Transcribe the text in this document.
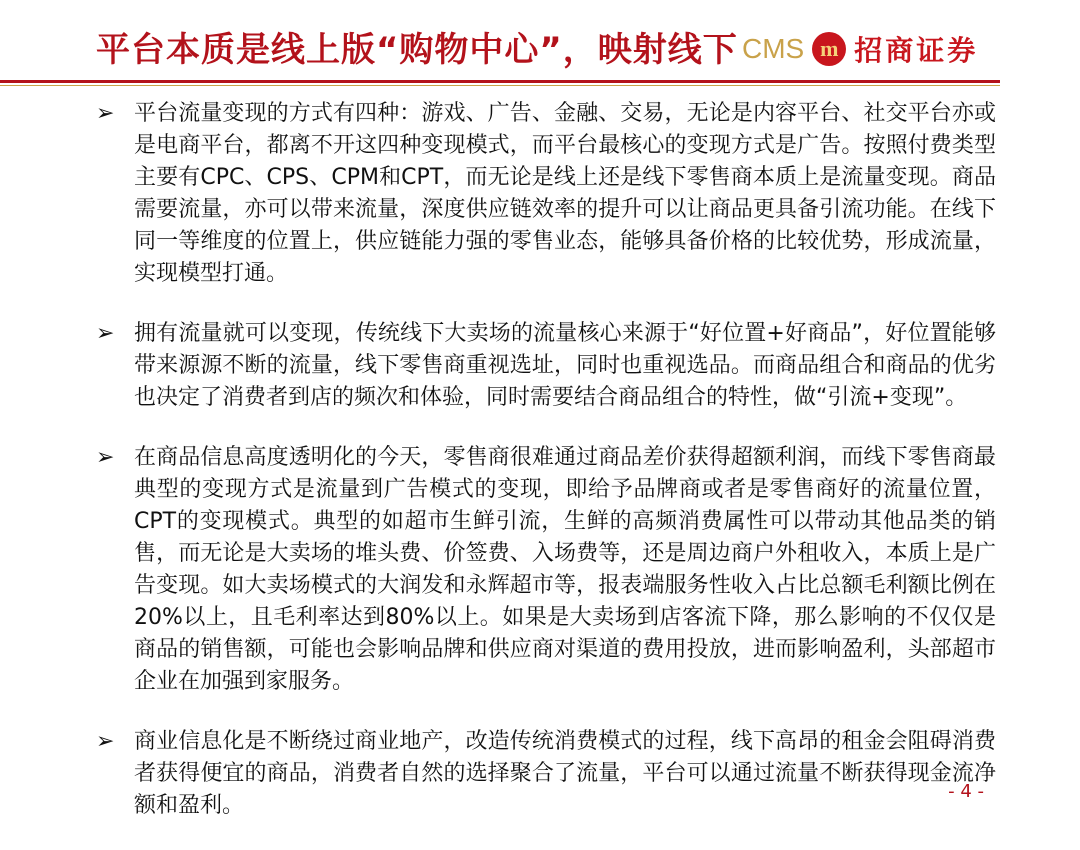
平台本质是线上版“购物中心”，映射线下 CMS m 招商证券
➢ 平台流量变现的方式有四种：游戏、广告、金融、交易，无论是内容平台、社交平台亦或是电商平台，都离不开这四种变现模式，而平台最核心的变现方式是广告。按照付费类型主要有CPC、CPS、CPM和CPT，而无论是线上还是线下零售商本质上是流量变现。商品需要流量，亦可以带来流量，深度供应链效率的提升可以让商品更具备引流功能。在线下同一等维度的位置上，供应链能力强的零售业态，能够具备价格的比较优势，形成流量，实现模型打通。
➢ 拥有流量就可以变现，传统线下大卖场的流量核心来源于“好位置+好商品”，好位置能够带来源源不断的流量，线下零售商重视选址，同时也重视选品。而商品组合和商品的优劣也决定了消费者到店的频次和体验，同时需要结合商品组合的特性，做“引流+变现”。
➢ 在商品信息高度透明化的今天，零售商很难通过商品差价获得超额利润，而线下零售商最典型的变现方式是流量到广告模式的变现，即给予品牌商或者是零售商好的流量位置，CPT的变现模式。典型的如超市生鲜引流，生鲜的高频消费属性可以带动其他品类的销售，而无论是大卖场的堆头费、价签费、入场费等，还是周边商户外租收入，本质上是广告变现。如大卖场模式的大润发和永辉超市等，报表端服务性收入占比总额毛利额比例在20%以上，且毛利率达到80%以上。如果是大卖场到店客流下降，那么影响的不仅仅是商品的销售额，可能也会影响品牌和供应商对渠道的费用投放，进而影响盈利，头部超市企业在加强到家服务。
➢ 商业信息化是不断绕过商业地产，改造传统消费模式的过程，线下高昂的租金会阻碍消费者获得便宜的商品，消费者自然的选择聚合了流量，平台可以通过流量不断获得现金流净额和盈利。
- 4 -
